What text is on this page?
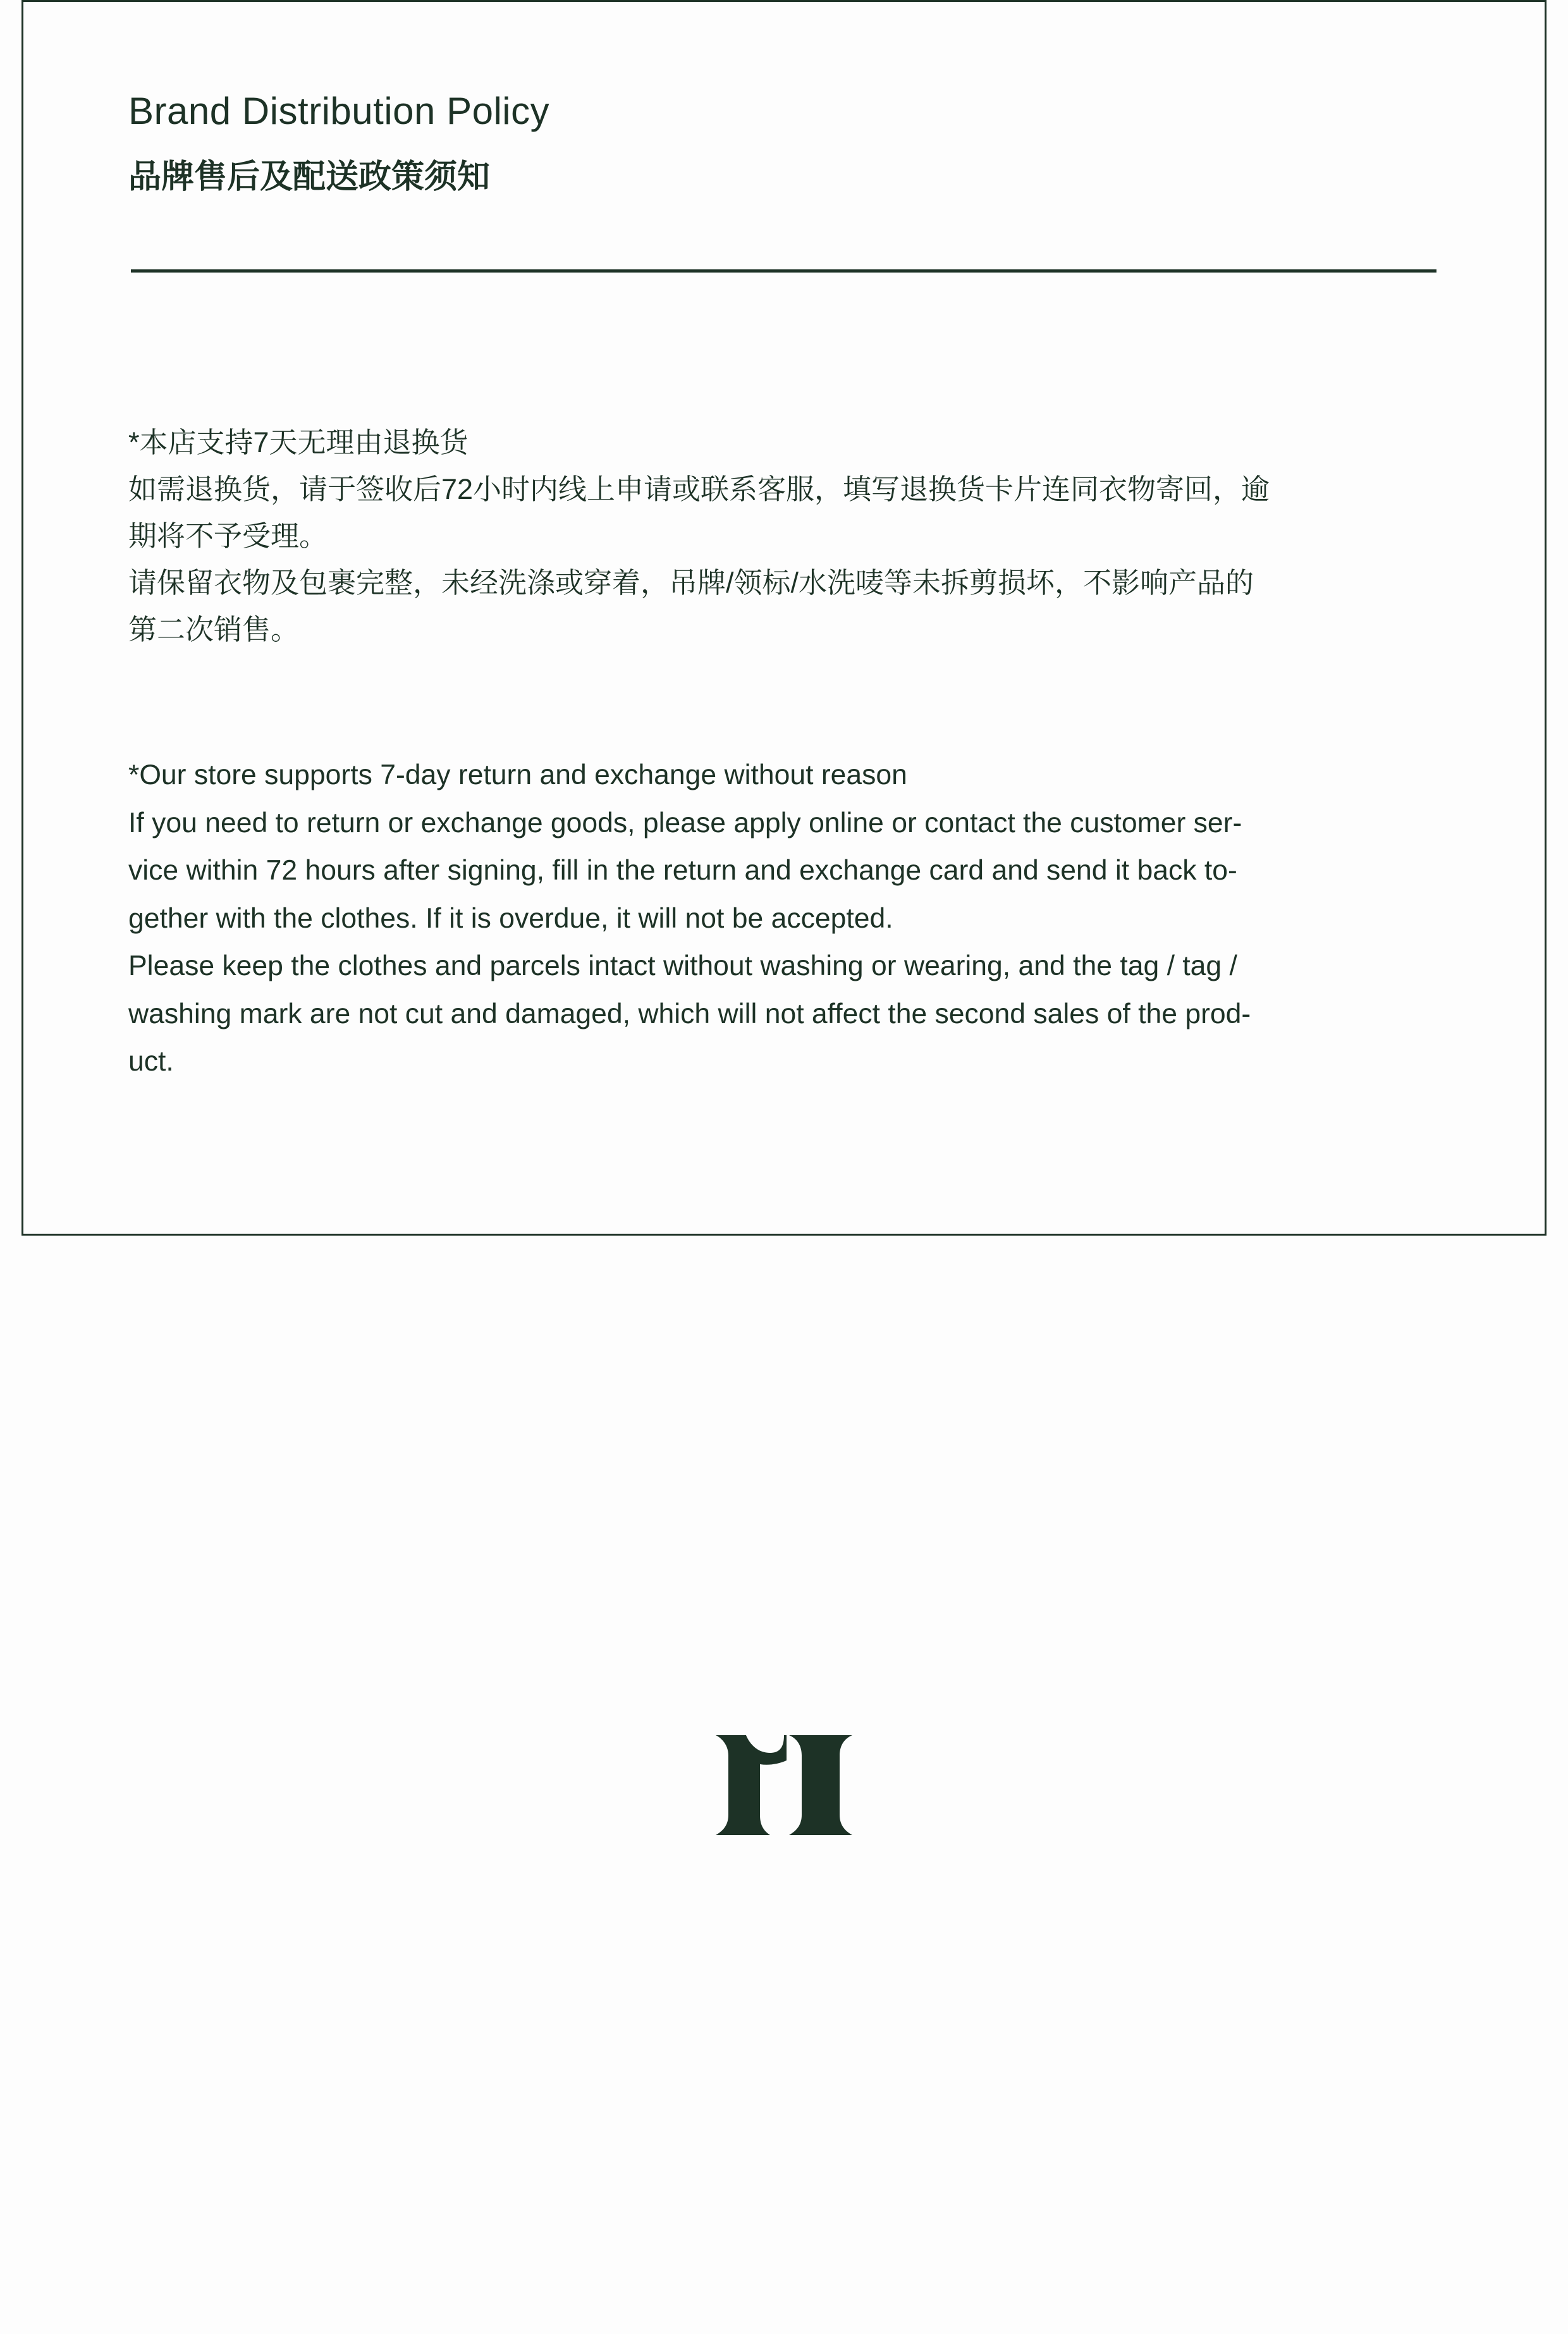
Brand Distribution Policy
品牌售后及配送政策须知

*本店支持7天无理由退换货

如需退换货，请于签收后72小时内线上申请或联系客服，填写退换货卡片连同衣物寄回，逾

期将不予受理。

请保留衣物及包裹完整，未经洗涤或穿着，吊牌/领标/水洗唛等未拆剪损坏，不影响产品的

第二次销售。

*Our store supports 7-day return and exchange without reason

If you need to return or exchange goods, please apply online or contact the customer ser-

vice within 72 hours after signing, fill in the return and exchange card and send it back to-

gether with the clothes. If it is overdue, it will not be accepted.

Please keep the clothes and parcels intact without washing or wearing, and the tag / tag /

washing mark are not cut and damaged, which will not affect the second sales of the prod-

uct.
